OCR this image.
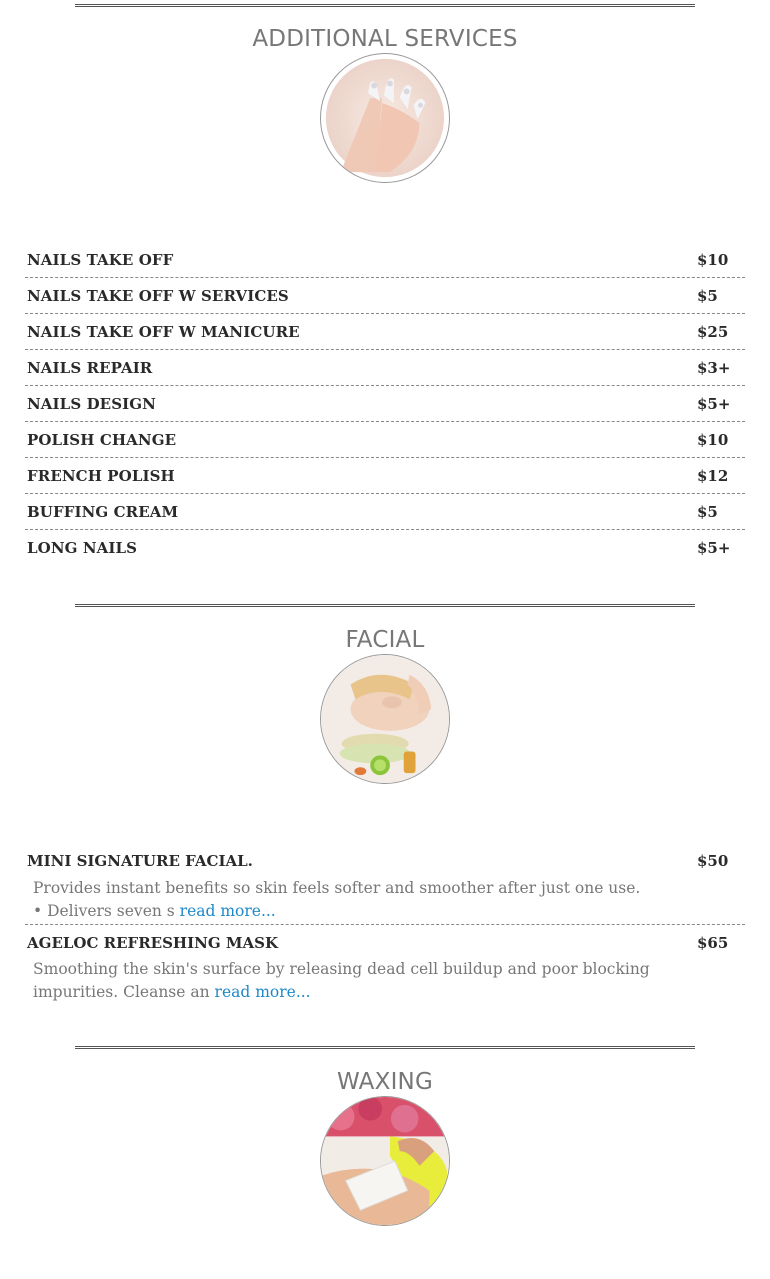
ADDITIONAL SERVICES
NAILS TAKE OFF	$10
NAILS TAKE OFF W SERVICES	$5
NAILS TAKE OFF W MANICURE	$25
NAILS REPAIR	$3+
NAILS DESIGN	$5+
POLISH CHANGE	$10
FRENCH POLISH	$12
BUFFING CREAM	$5
LONG NAILS	$5+
FACIAL
MINI SIGNATURE FACIAL.	$50
Provides instant benefits so skin feels softer and smoother after just one use.
• Delivers seven s read more...
AGELOC REFRESHING MASK	$65
Smoothing the skin's surface by releasing dead cell buildup and poor blocking
impurities. Cleanse an read more...
WAXING
